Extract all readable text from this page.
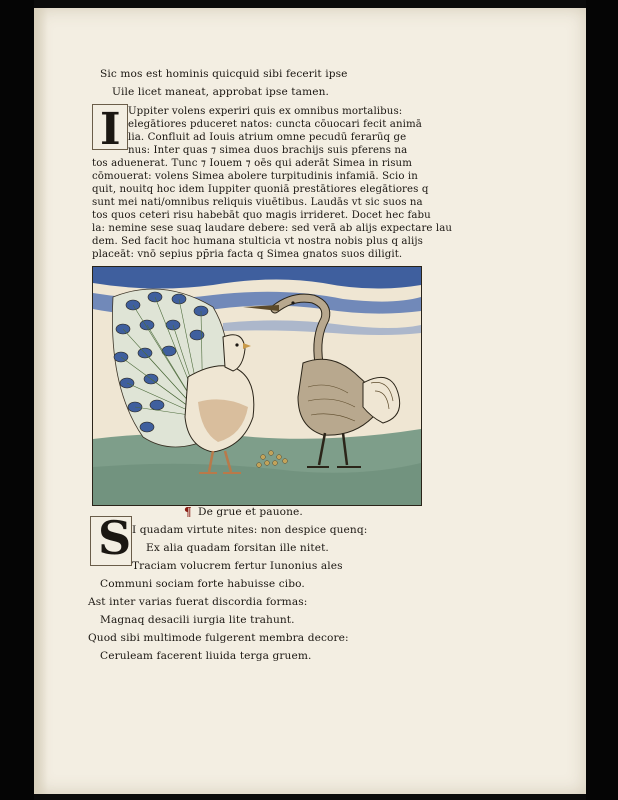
Sic mos est hominis quicquid sibi fecerit ipse
Uile licet maneat, approbat ipse tamen.
I Uppiter volens experiri quis ex omnibus mortalibus:
elegātiores pduceret natos: cuncta cōuocari fecit animā
lia. Confluit ad Iouis atrium omne pecudū ferarūq ge
nus: Inter quas ⁊ simea duos brachijs suis pferens na
tos aduenerat. Tunc ⁊ Iouem ⁊ oēs qui aderāt Simea in risum
cōmouerat: volens Simea abolere turpitudinis infamiā. Scio in
quit, nouitq hoc idem Iuppiter quoniā prestātiores elegātiores q
sunt mei nati/omnibus reliquis viuētibus. Laudās vt sic suos na
tos quos ceteri risu habebāt quo magis irrideret. Docet hec fabu
la: nemine sese suaq laudare debere: sed verā ab alijs expectare lau
dem. Sed facit hoc humana stulticia vt nostra nobis plus q alijs
placeāt: vnō sepius pp̄ria facta q Simea gnatos suos diligit.
¶ De grue et pauone.
S I quadam virtute nites: non despice quenq:
Ex alia quadam forsitan ille nitet.
Traciam volucrem fertur Iunonius ales
Communi sociam forte habuisse cibo.
Ast inter varias fuerat discordia formas:
Magnaq desacili iurgia lite trahunt.
Quod sibi multimode fulgerent membra decore:
Ceruleam facerent liuida terga gruem.
